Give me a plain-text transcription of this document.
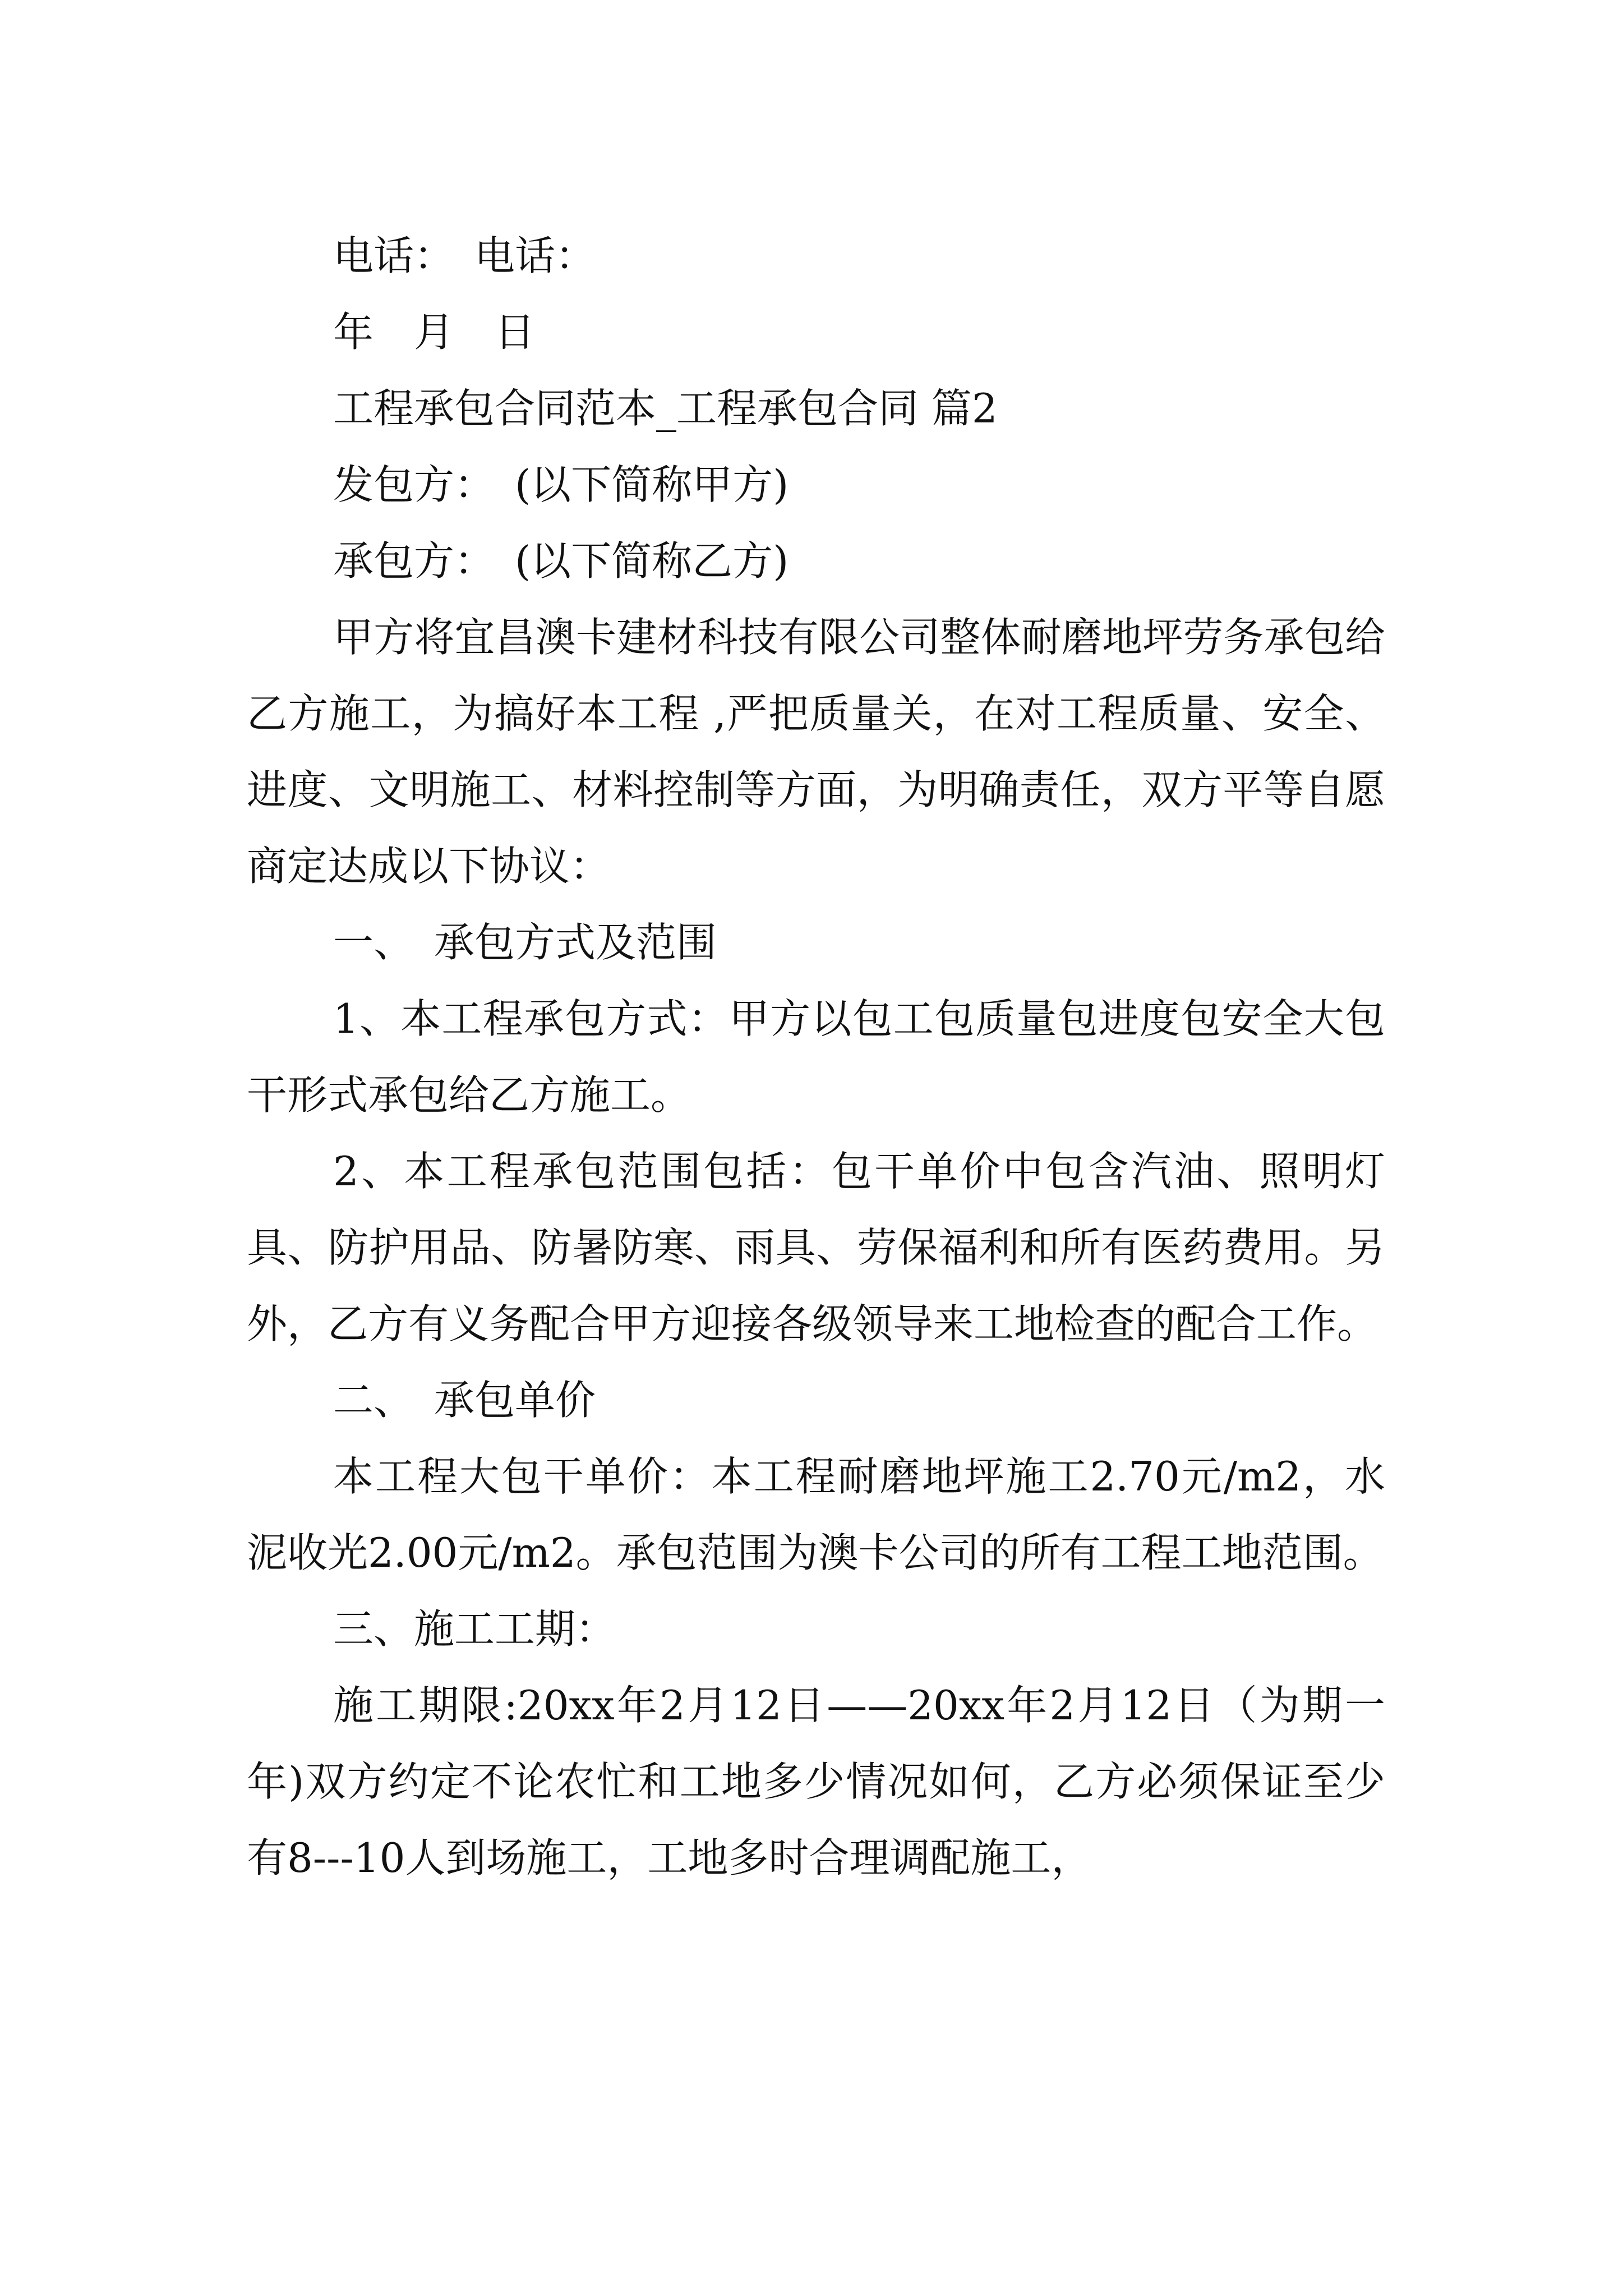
电话：　电话：

年　月　日

工程承包合同范本_工程承包合同 篇2

发包方：　(以下简称甲方)

承包方：　(以下简称乙方)

甲方将宜昌澳卡建材科技有限公司整体耐磨地坪劳务承包给乙方施工，为搞好本工程 ,严把质量关，在对工程质量、安全、进度、文明施工、材料控制等方面，为明确责任，双方平等自愿商定达成以下协议：

一、　承包方式及范围

1、本工程承包方式：甲方以包工包质量包进度包安全大包干形式承包给乙方施工。

2、本工程承包范围包括：包干单价中包含汽油、照明灯具、防护用品、防暑防寒、雨具、劳保福利和所有医药费用。另外，乙方有义务配合甲方迎接各级领导来工地检查的配合工作。

二、　承包单价

本工程大包干单价：本工程耐磨地坪施工2.70元/m2，水泥收光2.00元/m2。承包范围为澳卡公司的所有工程工地范围。

三、施工工期：

施工期限:20xx年2月12日——20xx年2月12日（为期一年)双方约定不论农忙和工地多少情况如何，乙方必须保证至少有8---10人到场施工，工地多时合理调配施工，
